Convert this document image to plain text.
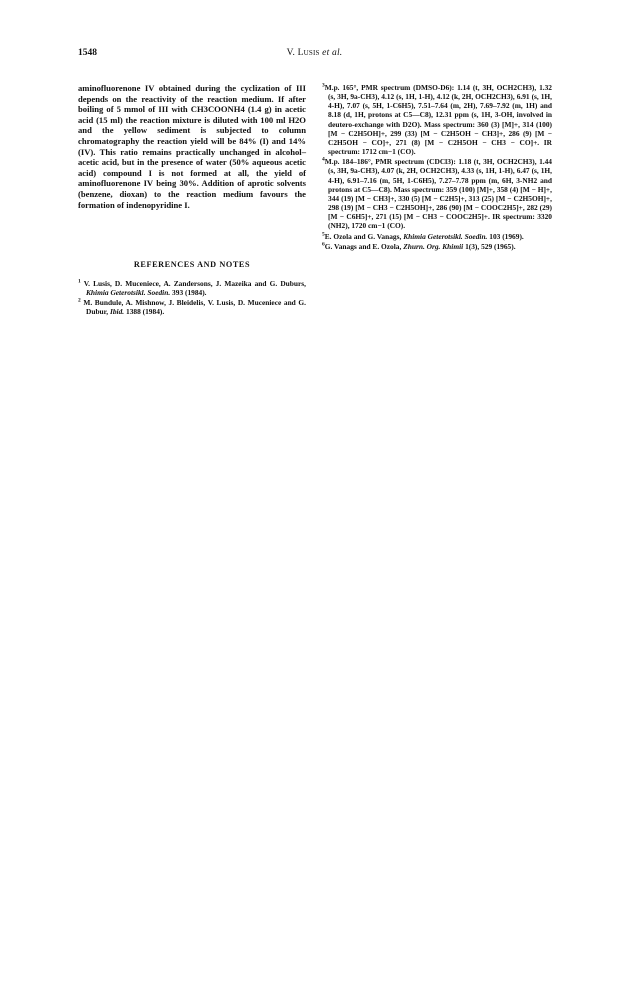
1548	V. Lusis et al.

aminofluorenone IV obtained during the cyclization of III depends on the reactivity of the reaction medium. If after boiling of 5 mmol of III with CH3COONH4 (1.4 g) in acetic acid (15 ml) the reaction mixture is diluted with 100 ml H2O and the yellow sediment is subjected to column chromatography the reaction yield will be 84% (I) and 14% (IV). This ratio remains practically unchanged in alcohol–acetic acid, but in the presence of water (50% aqueous acetic acid) compound I is not formed at all, the yield of aminofluorenone IV being 30%. Addition of aprotic solvents (benzene, dioxan) to the reaction medium favours the formation of indenopyridine I.

REFERENCES AND NOTES
$^1$ V. Lusis, D. Muceniece, A. Zandersons, J. Mazeika and G. Duburs, Khimia Geterotsikl. Soedin. 393 (1984).
$^2$ M. Bundule, A. Mishnow, J. Bleidelis, V. Lusis, D. Muceniece and G. Dubur, Ibid. 1388 (1984).

$^3$M.p. 165°, PMR spectrum (DMSO-D6): 1.14 (t, 3H, OCH2CH3), 1.32 (s, 3H, 9a-CH3), 4.12 (s, 1H, 1-H), 4.12 (k, 2H, OCH2CH3), 6.91 (s, 1H, 4-H), 7.07 (s, 5H, 1-C6H5), 7.51–7.64 (m, 2H), 7.69–7.92 (m, 1H) and 8.18 (d, 1H, protons at C5—C8), 12.31 ppm (s, 1H, 3-OH, involved in deutero-exchange with D2O). Mass spectrum: 360 (3) [M]+, 314 (100) [M − C2H5OH]+, 299 (33) [M − C2H5OH − CH3]+, 286 (9) [M − C2H5OH − CO]+, 271 (8) [M − C2H5OH − CH3 − CO]+. IR spectrum: 1712 cm−1 (CO).

$^4$M.p. 184–186°, PMR spectrum (CDCl3): 1.18 (t, 3H, OCH2CH3), 1.44 (s, 3H, 9a-CH3), 4.07 (k, 2H, OCH2CH3), 4.33 (s, 1H, 1-H), 6.47 (s, 1H, 4-H), 6.91–7.16 (m, 5H, 1-C6H5), 7.27–7.78 ppm (m, 6H, 3-NH2 and protons at C5—C8). Mass spectrum: 359 (100) [M]+, 358 (4) [M − H]+, 344 (19) [M − CH3]+, 330 (5) [M − C2H5]+, 313 (25) [M − C2H5OH]+, 298 (19) [M − CH3 − C2H5OH]+, 286 (90) [M − COOC2H5]+, 282 (29) [M − C6H5]+, 271 (15) [M − CH3 − COOC2H5]+. IR spectrum: 3320 (NH2), 1720 cm−1 (CO).

$^5$E. Ozola and G. Vanags, Khimia Geterotsikl. Soedin. 103 (1969).

$^6$G. Vanags and E. Ozola, Zhurn. Org. Khimii 1(3), 529 (1965).
